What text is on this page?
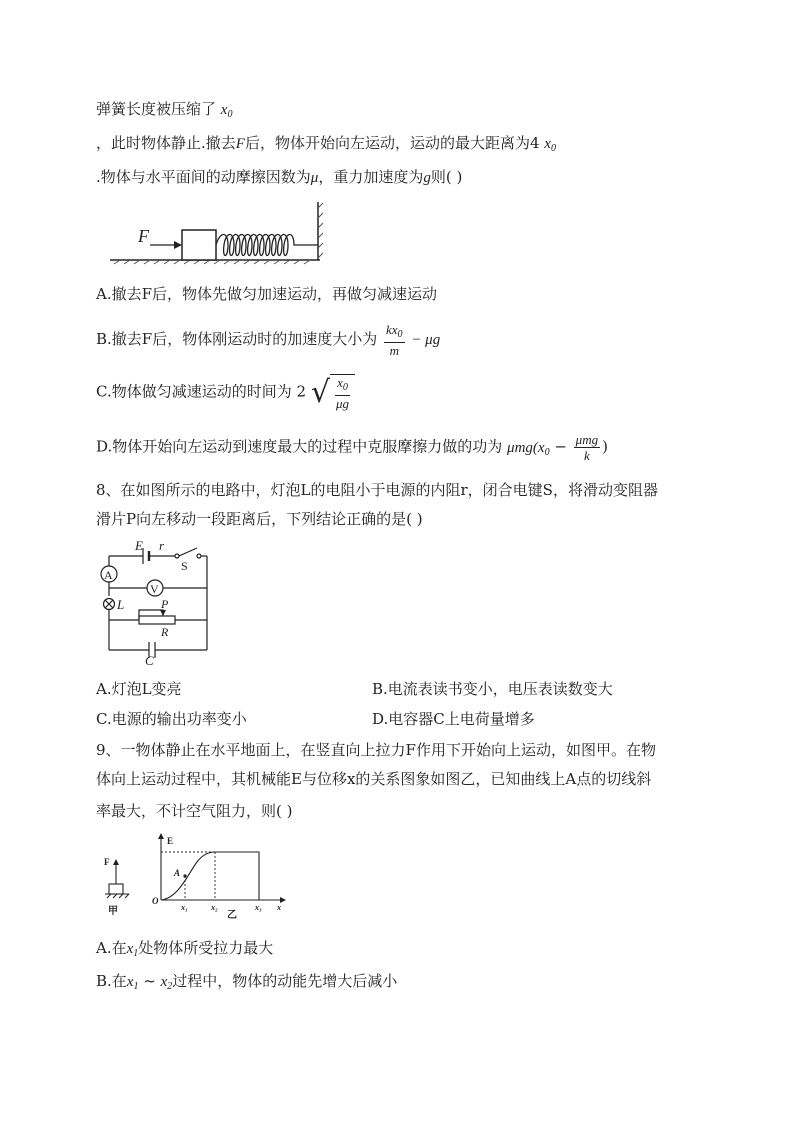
弹簧长度被压缩了 $x_0$
，此时物体静止.撤去F后，物体开始向左运动，运动的最大距离为4 $x_0$
.物体与水平面间的动摩擦因数为μ，重力加速度为g则( )
F
A.撤去F后，物体先做匀加速运动，再做匀减速运动
B.撤去F后，物体刚运动时的加速度大小为 $\frac{kx_0}{m} - \mu g$
C.物体做匀减速运动的时间为 2 √ $\frac{x_0}{\mu g}$
D.物体开始向左运动到速度最大的过程中克服摩擦力做的功为 $\mu mg(x_0 - \frac{\text{μmg}}{k}$ )
8、在如图所示的电路中，灯泡L的电阻小于电源的内阻r，闭合电键S，将滑动变阻器
滑片P向左移动一段距离后，下列结论正确的是( )
E r
S
A
V
L	P
R
C
A.灯泡L变亮	B.电流表读书变小，电压表读数变大
C.电源的输出功率变小	D.电容器C上电荷量增多
9、一物体静止在水平地面上，在竖直向上拉力F作用下开始向上运动，如图甲。在物
体向上运动过程中，其机械能E与位移x的关系图象如图乙，已知曲线上A点的切线斜
率最大，不计空气阻力，则( )
F
甲
E
A
O
x₁	x₂	x₃ x
乙
A.在$x_1$处物体所受拉力最大
B.在$x_1$ ~ $x_2$过程中，物体的动能先增大后减小
